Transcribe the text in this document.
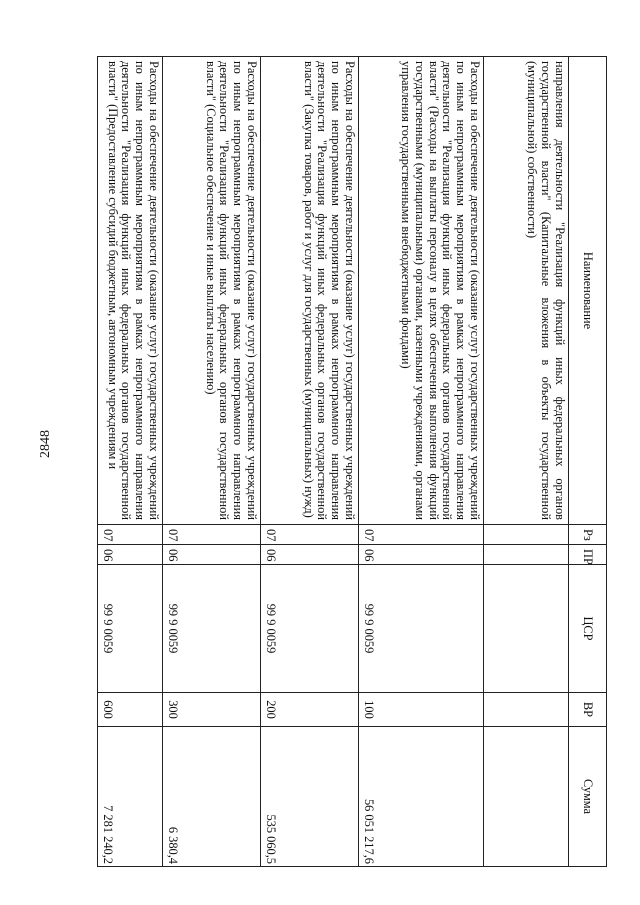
2848
Наименование	Рз	ПР	ЦСР	ВР	Сумма
направления деятельности "Реализация функций иных федеральных органов государственной власти" (Капитальные вложения в объекты государственной (муниципальной) собственности)					
Расходы на обеспечение деятельности (оказание услуг) государственных учреждений по иным непрограммным мероприятиям в рамках непрограммного направления деятельности "Реализация функций иных федеральных органов государственной власти" (Расходы на выплаты персоналу в целях обеспечения выполнения функций государственными (муниципальными) органами, казенными учреждениями, органами управления государственными внебюджетными фондами)	07	06	99 9 0059	100	56 051 217,6
Расходы на обеспечение деятельности (оказание услуг) государственных учреждений по иным непрограммным мероприятиям в рамках непрограммного направления деятельности "Реализация функций иных федеральных органов государственной власти" (Закупка товаров, работ и услуг для государственных (муниципальных) нужд)	07	06	99 9 0059	200	535 060,5
Расходы на обеспечение деятельности (оказание услуг) государственных учреждений по иным непрограммным мероприятиям в рамках непрограммного направления деятельности "Реализация функций иных федеральных органов государственной власти" (Социальное обеспечение и иные выплаты населению)	07	06	99 9 0059	300	6 380,4
Расходы на обеспечение деятельности (оказание услуг) государственных учреждений по иным непрограммным мероприятиям в рамках непрограммного направления деятельности "Реализация функций иных федеральных органов государственной власти" (Предоставление субсидий бюджетным, автономным учреждениям и	07	06	99 9 0059	600	7 281 240,2
